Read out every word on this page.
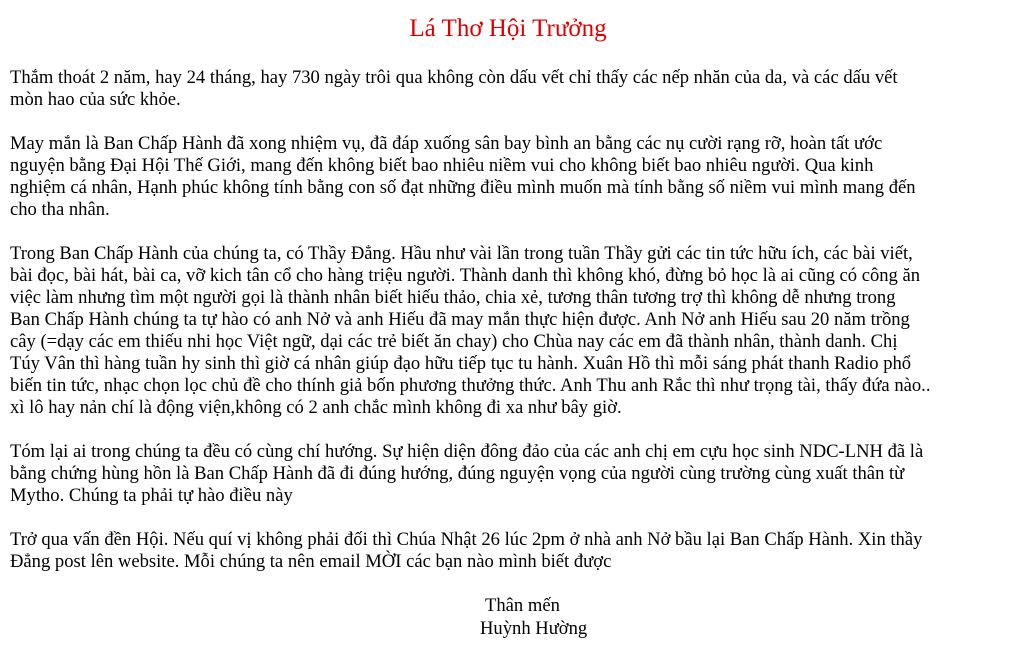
Lá Thơ Hội Trưởng

Thắm thoát 2 năm, hay 24 tháng, hay 730 ngày trôi qua không còn dấu vết chỉ thấy các nếp nhăn của da, và các dấu vết
mòn hao của sức khỏe.

May mắn là Ban Chấp Hành đã xong nhiệm vụ, đã đáp xuống sân bay bình an bằng các nụ cười rạng rỡ, hoàn tất ước
nguyện bằng Đại Hội Thế Giới, mang đến không biết bao nhiêu niềm vui cho không biết bao nhiêu người. Qua kinh
nghiệm cá nhân, Hạnh phúc không tính bằng con số đạt những điều mình muốn mà tính bằng số niềm vui mình mang đến
cho tha nhân.

Trong Ban Chấp Hành của chúng ta, có Thầy Đẳng. Hầu như vài lần trong tuần Thầy gửi các tin tức hữu ích, các bài viết,
bài đọc, bài hát, bài ca, vỡ kich tân cổ cho hàng triệu người. Thành danh thì không khó, đừng bỏ học là ai cũng có công ăn
việc làm nhưng tìm một người gọi là thành nhân biết hiếu thảo, chia xẻ, tương thân tương trợ thì không dễ nhưng trong
Ban Chấp Hành chúng ta tự hào có anh Nở và anh Hiếu đã may mắn thực hiện được. Anh Nở anh Hiếu sau 20 năm trồng
cây (=dạy các em thiếu nhi học Việt ngữ, dại các trẻ biết ăn chay) cho Chùa nay các em đã thành nhân, thành danh. Chị
Túy Vân thì hàng tuần hy sinh thì giờ cá nhân giúp đạo hữu tiếp tục tu hành. Xuân Hồ thì mỗi sáng phát thanh Radio phổ
biến tin tức, nhạc chọn lọc chủ đề cho thính giả bốn phương thưởng thức. Anh Thu anh Rắc thì như trọng tài, thấy đứa nào..
xì lô hay nản chí là động viện,không có 2 anh chắc mình không đi xa như bây giờ.

Tóm lại ai trong chúng ta đều có cùng chí hướng. Sự hiện diện đông đảo của các anh chị em cựu học sinh NDC-LNH đã là
bằng chứng hùng hồn là Ban Chấp Hành đã đi đúng hướng, đúng nguyện vọng của người cùng trường cùng xuất thân từ
Mytho. Chúng ta phải tự hào điều này

Trở qua vấn đền Hội. Nếu quí vị không phải đối thì Chúa Nhật 26 lúc 2pm ở nhà anh Nở bầu lại Ban Chấp Hành. Xin thầy
Đẳng post lên website. Mỗi chúng ta nên email MỜI các bạn nào mình biết được

Thân mến
Huỳnh Hường
